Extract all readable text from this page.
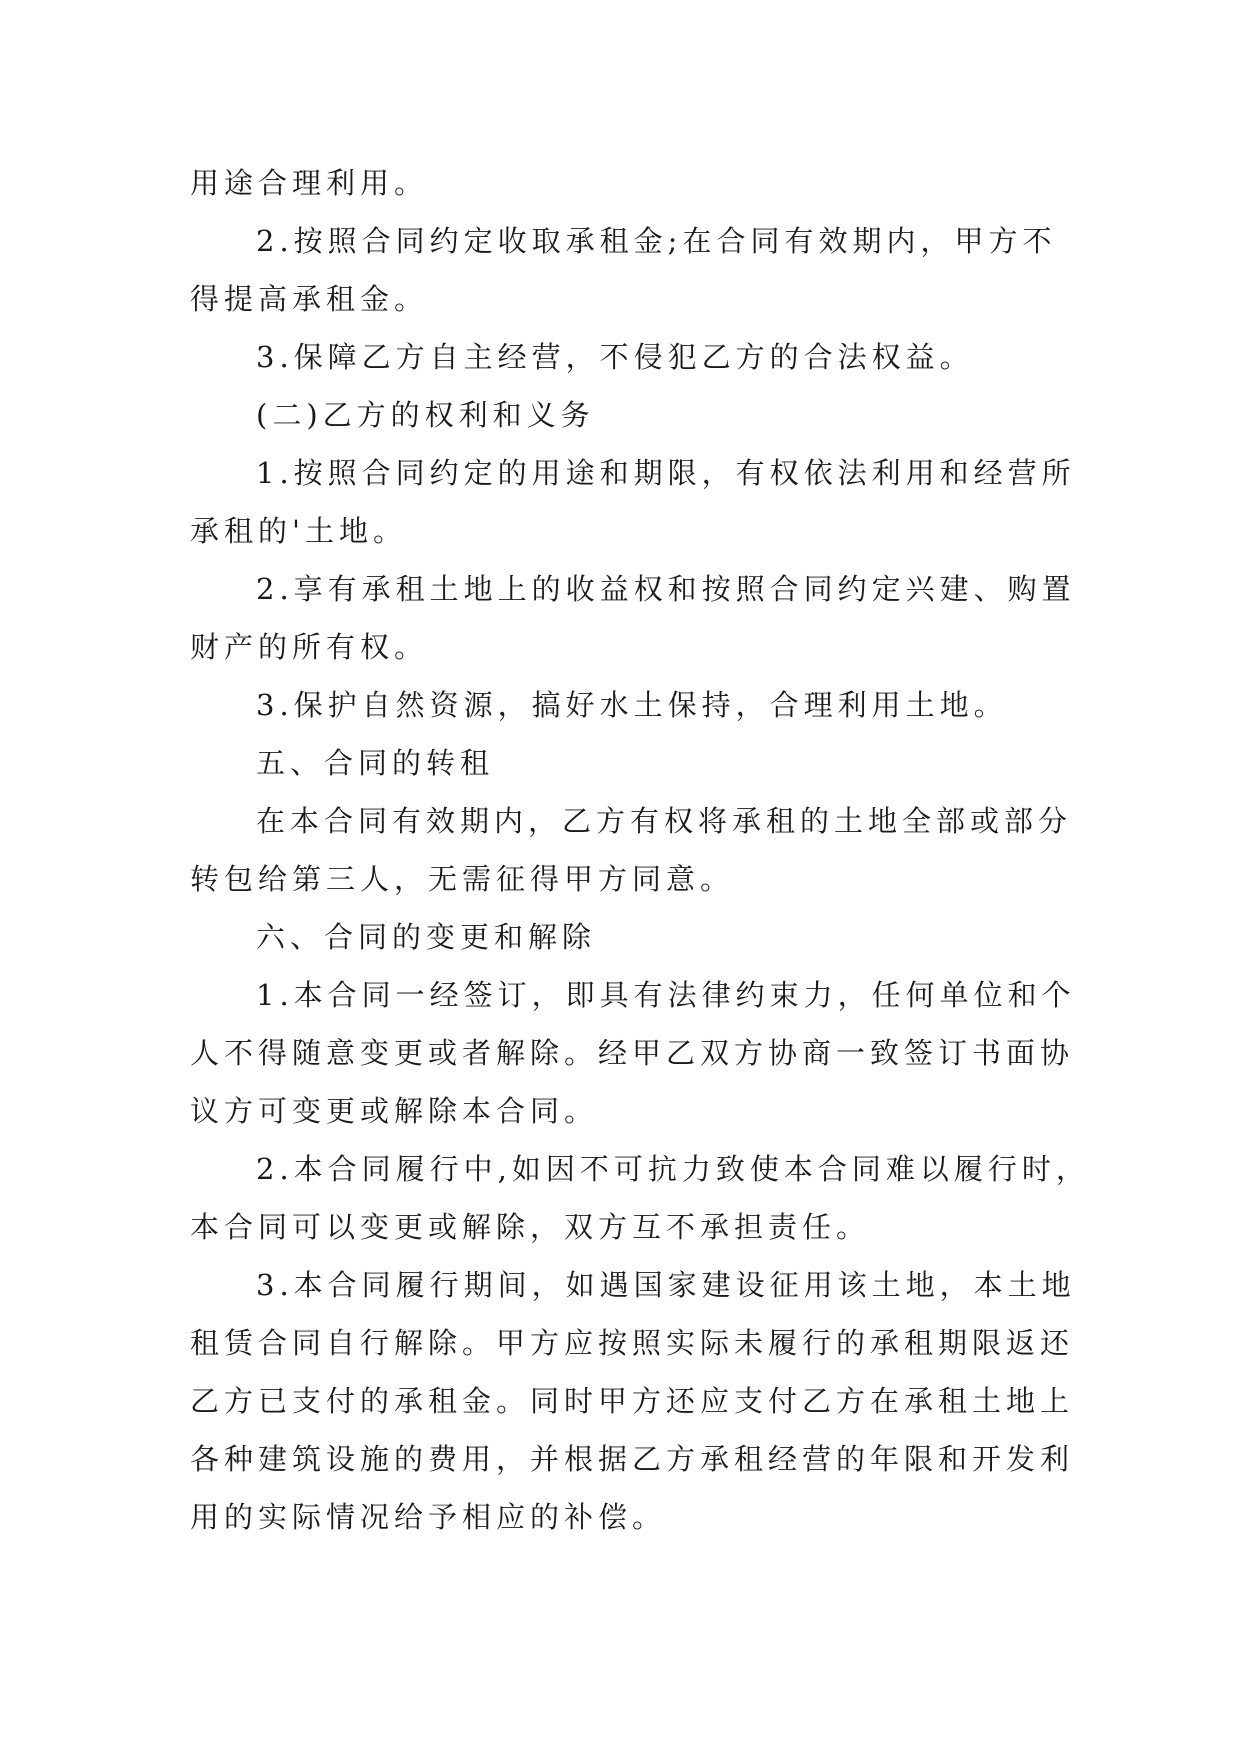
用途合理利用。
2.按照合同约定收取承租金;在合同有效期内，甲方不
得提高承租金。
3.保障乙方自主经营，不侵犯乙方的合法权益。
(二)乙方的权利和义务
1.按照合同约定的用途和期限，有权依法利用和经营所
承租的'土地。
2.享有承租土地上的收益权和按照合同约定兴建、购置
财产的所有权。
3.保护自然资源，搞好水土保持，合理利用土地。
五、合同的转租
在本合同有效期内，乙方有权将承租的土地全部或部分
转包给第三人，无需征得甲方同意。
六、合同的变更和解除
1.本合同一经签订，即具有法律约束力，任何单位和个
人不得随意变更或者解除。经甲乙双方协商一致签订书面协
议方可变更或解除本合同。
2.本合同履行中,如因不可抗力致使本合同难以履行时，
本合同可以变更或解除，双方互不承担责任。
3.本合同履行期间，如遇国家建设征用该土地，本土地
租赁合同自行解除。甲方应按照实际未履行的承租期限返还
乙方已支付的承租金。同时甲方还应支付乙方在承租土地上
各种建筑设施的费用，并根据乙方承租经营的年限和开发利
用的实际情况给予相应的补偿。
